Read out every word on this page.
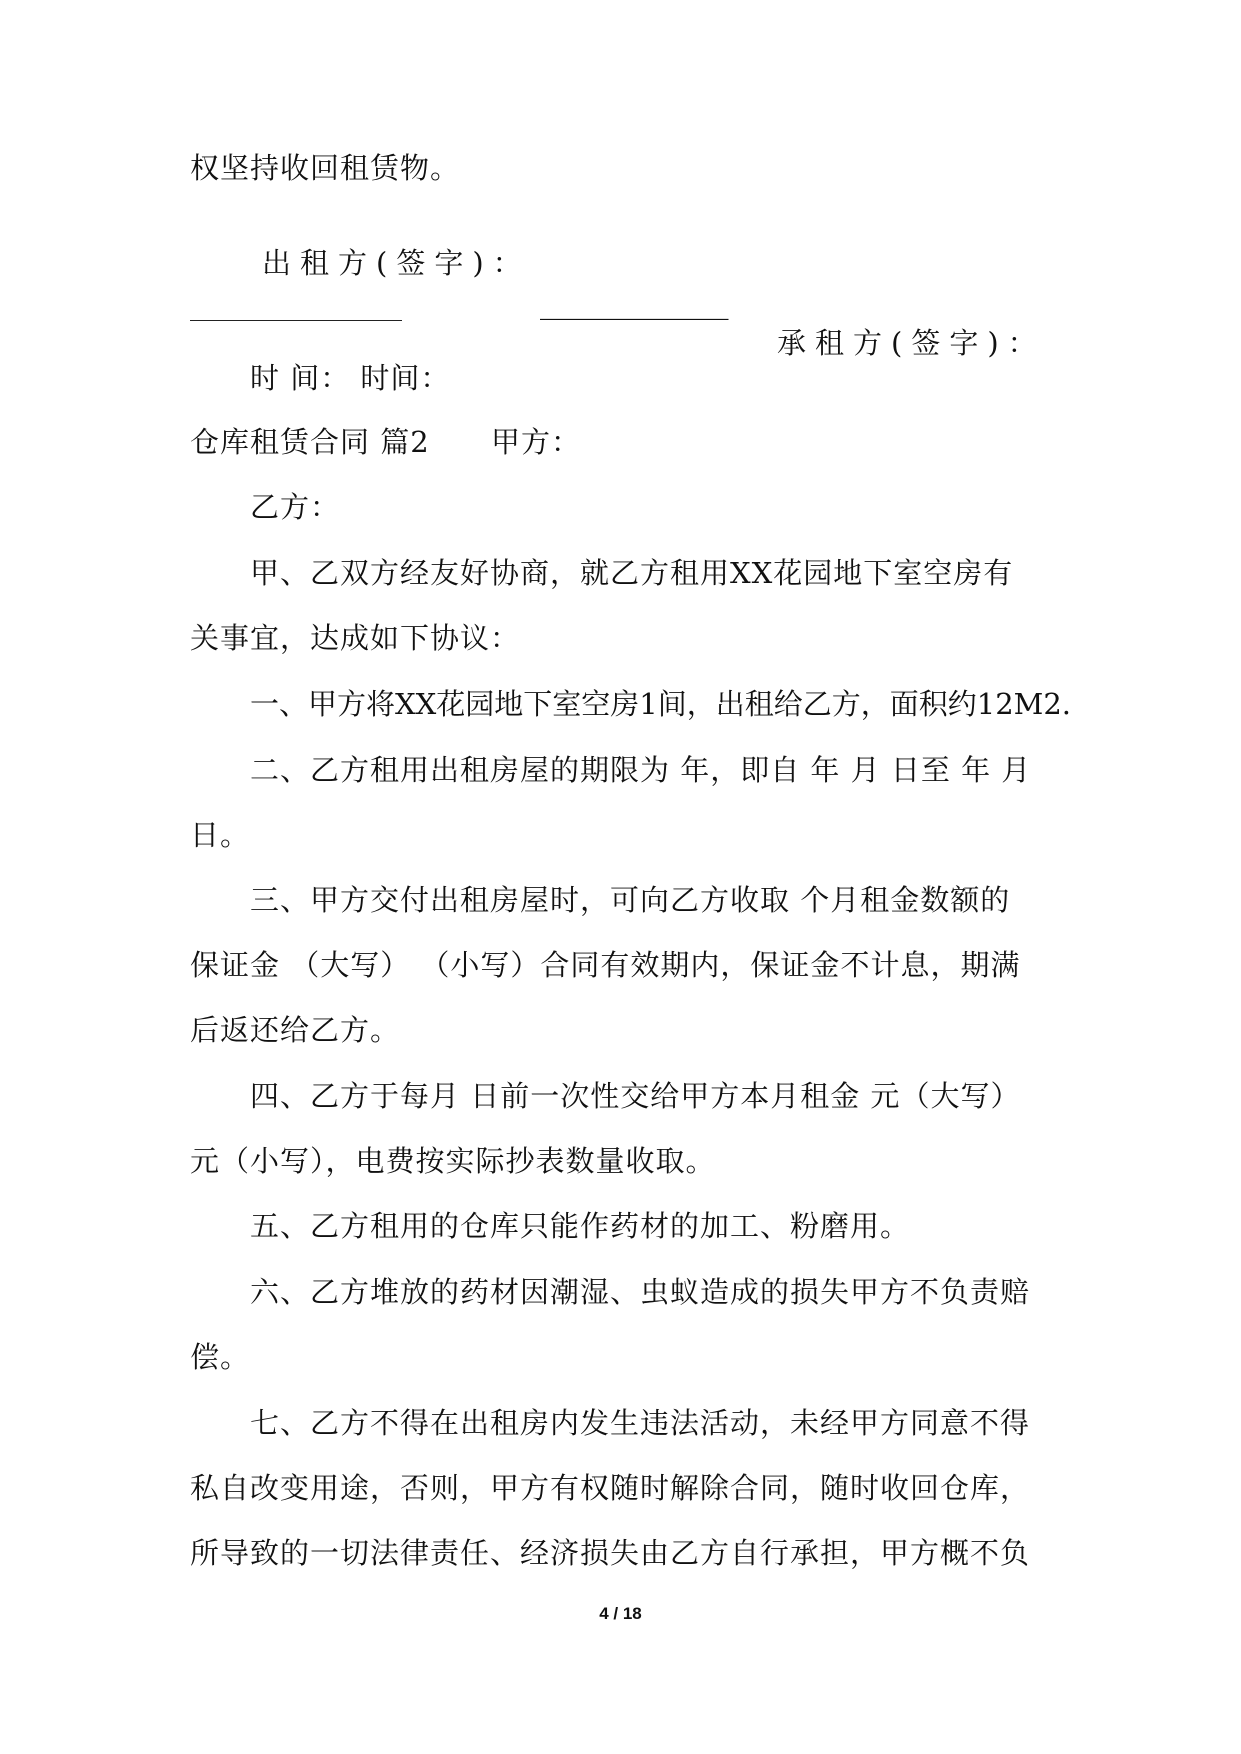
权坚持收回租赁物。

出租方(签字)：

_____________

承租方(签字)：

时 间： 时间：
仓库租赁合同 篇2      甲方：
乙方：
甲、乙双方经友好协商，就乙方租用XX花园地下室空房有
关事宜，达成如下协议：
一、甲方将XX花园地下室空房1间，出租给乙方，面积约12M2.
二、乙方租用出租房屋的期限为 年，即自 年 月 日至 年 月
日。
三、甲方交付出租房屋时，可向乙方收取 个月租金数额的
保证金 （大写） （小写）合同有效期内，保证金不计息，期满
后返还给乙方。
四、乙方于每月 日前一次性交给甲方本月租金 元（大写）
元（小写），电费按实际抄表数量收取。
五、乙方租用的仓库只能作药材的加工、粉磨用。
六、乙方堆放的药材因潮湿、虫蚁造成的损失甲方不负责赔
偿。
七、乙方不得在出租房内发生违法活动，未经甲方同意不得
私自改变用途，否则，甲方有权随时解除合同，随时收回仓库，
所导致的一切法律责任、经济损失由乙方自行承担，甲方概不负
4 / 18
